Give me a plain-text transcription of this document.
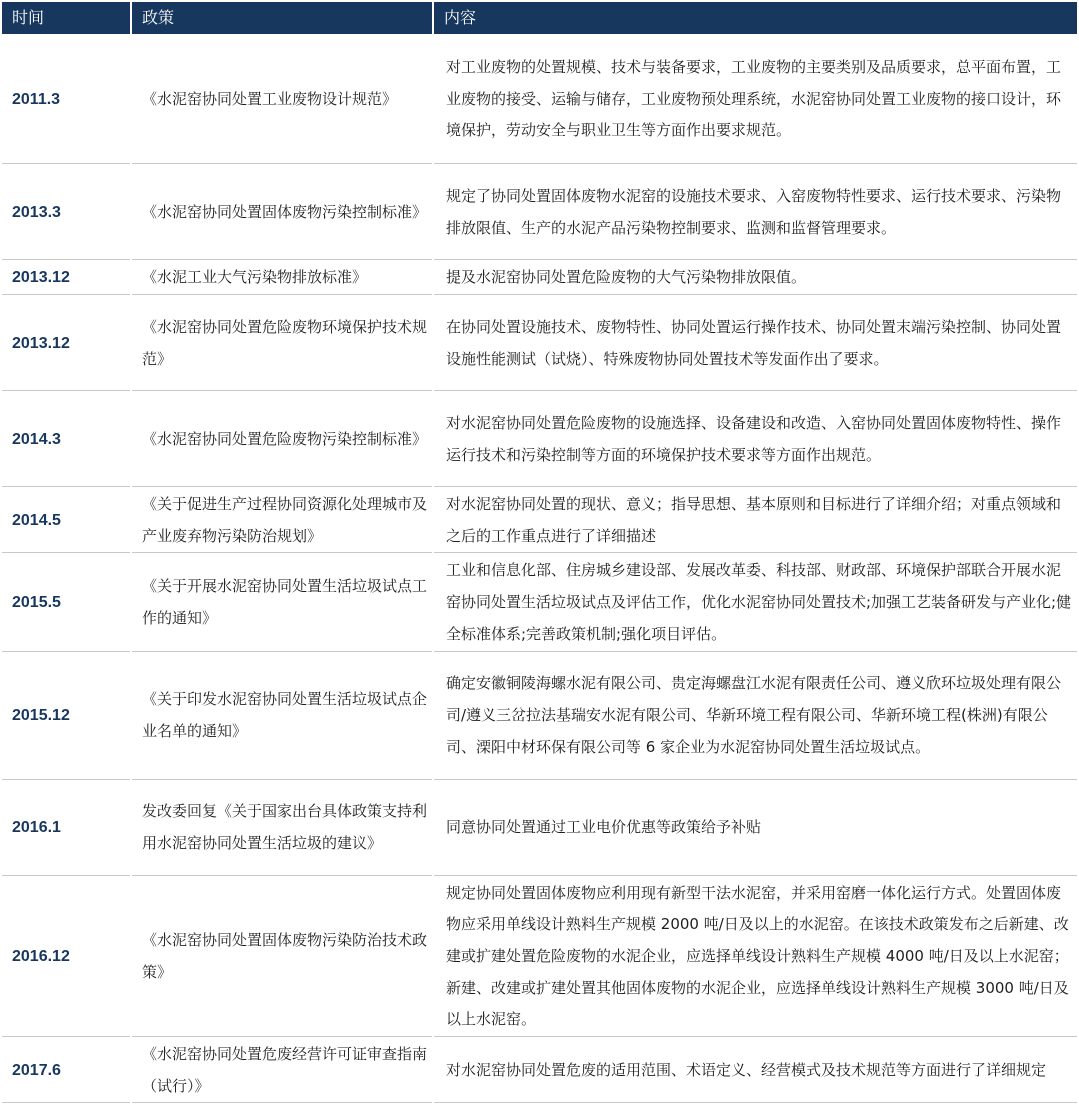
时间	政策	内容
2011.3	《水泥窑协同处置工业废物设计规范》	对工业废物的处置规模、技术与装备要求，工业废物的主要类别及品质要求，总平面布置，工业废物的接受、运输与储存，工业废物预处理系统，水泥窑协同处置工业废物的接口设计，环境保护，劳动安全与职业卫生等方面作出要求规范。
2013.3	《水泥窑协同处置固体废物污染控制标准》	规定了协同处置固体废物水泥窑的设施技术要求、入窑废物特性要求、运行技术要求、污染物排放限值、生产的水泥产品污染物控制要求、监测和监督管理要求。
2013.12	《水泥工业大气污染物排放标准》	提及水泥窑协同处置危险废物的大气污染物排放限值。
2013.12	《水泥窑协同处置危险废物环境保护技术规范》	在协同处置设施技术、废物特性、协同处置运行操作技术、协同处置末端污染控制、协同处置设施性能测试（试烧）、特殊废物协同处置技术等发面作出了要求。
2014.3	《水泥窑协同处置危险废物污染控制标准》	对水泥窑协同处置危险废物的设施选择、设备建设和改造、入窑协同处置固体废物特性、操作运行技术和污染控制等方面的环境保护技术要求等方面作出规范。
2014.5	《关于促进生产过程协同资源化处理城市及产业废弃物污染防治规划》	对水泥窑协同处置的现状、意义；指导思想、基本原则和目标进行了详细介绍；对重点领域和之后的工作重点进行了详细描述
2015.5	《关于开展水泥窑协同处置生活垃圾试点工作的通知》	工业和信息化部、住房城乡建设部、发展改革委、科技部、财政部、环境保护部联合开展水泥窑协同处置生活垃圾试点及评估工作，优化水泥窑协同处置技术;加强工艺装备研发与产业化;健全标准体系;完善政策机制;强化项目评估。
2015.12	《关于印发水泥窑协同处置生活垃圾试点企业名单的通知》	确定安徽铜陵海螺水泥有限公司、贵定海螺盘江水泥有限责任公司、遵义欣环垃圾处理有限公司/遵义三岔拉法基瑞安水泥有限公司、华新环境工程有限公司、华新环境工程(株洲)有限公司、溧阳中材环保有限公司等 6 家企业为水泥窑协同处置生活垃圾试点。
2016.1	发改委回复《关于国家出台具体政策支持利用水泥窑协同处置生活垃圾的建议》	同意协同处置通过工业电价优惠等政策给予补贴
2016.12	《水泥窑协同处置固体废物污染防治技术政策》	规定协同处置固体废物应利用现有新型干法水泥窑，并采用窑磨一体化运行方式。处置固体废物应采用单线设计熟料生产规模 2000 吨/日及以上的水泥窑。在该技术政策发布之后新建、改建或扩建处置危险废物的水泥企业，应选择单线设计熟料生产规模 4000 吨/日及以上水泥窑；新建、改建或扩建处置其他固体废物的水泥企业，应选择单线设计熟料生产规模 3000 吨/日及以上水泥窑。
2017.6	《水泥窑协同处置危废经营许可证审查指南（试行）》	对水泥窑协同处置危废的适用范围、术语定义、经营模式及技术规范等方面进行了详细规定
